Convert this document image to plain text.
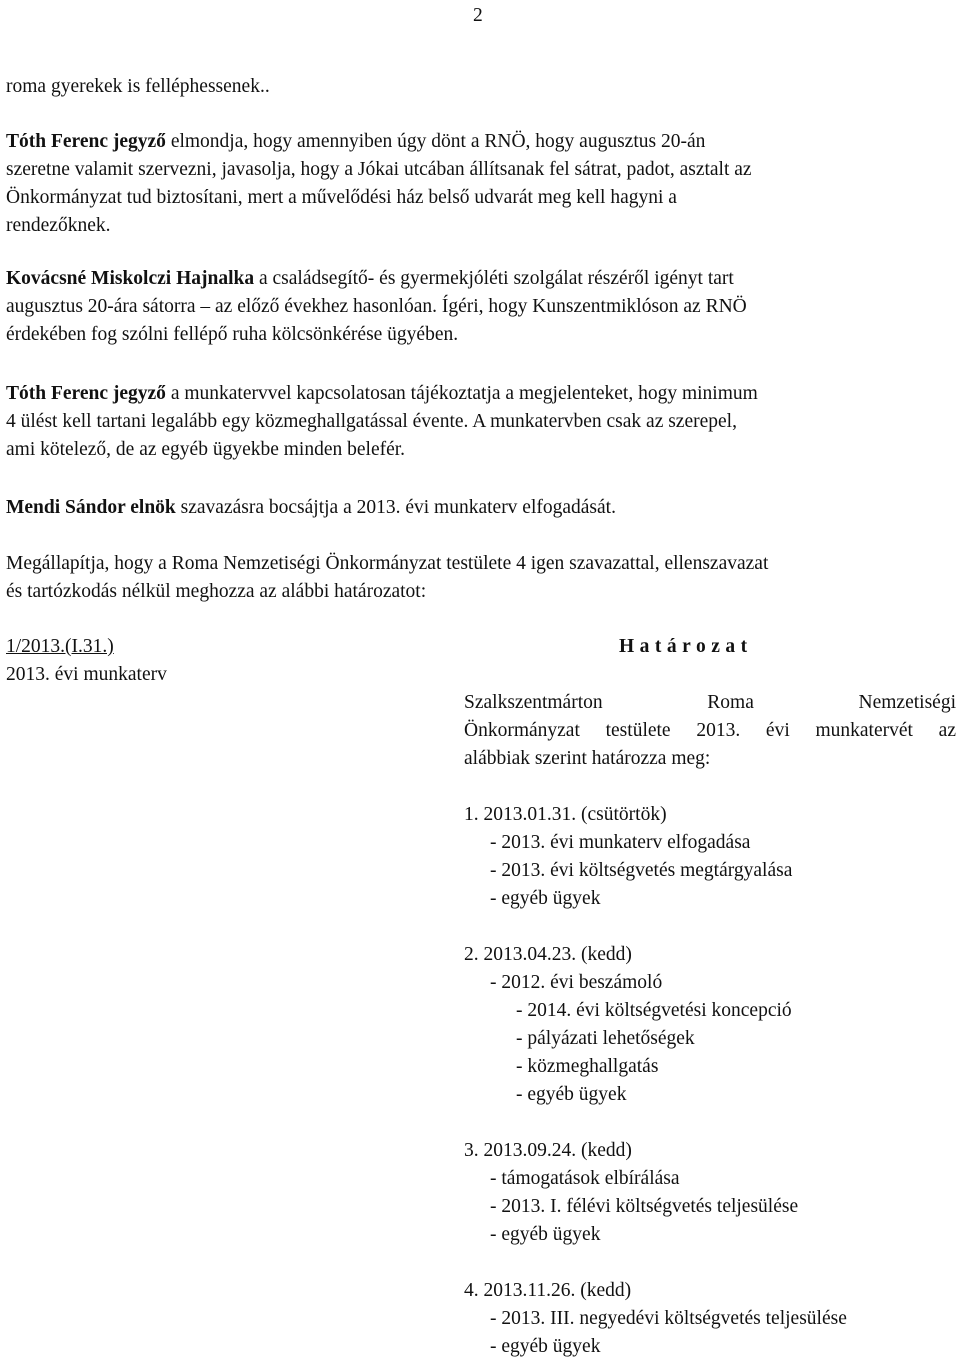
2
roma gyerekek is felléphessenek..
Tóth Ferenc jegyző elmondja, hogy amennyiben úgy dönt a RNÖ, hogy augusztus 20-án
szeretne valamit szervezni, javasolja, hogy a Jókai utcában állítsanak fel sátrat, padot, asztalt az
Önkormányzat tud biztosítani, mert a művelődési ház belső udvarát meg kell hagyni a
rendezőknek.
Kovácsné Miskolczi Hajnalka a családsegítő- és gyermekjóléti szolgálat részéről igényt tart
augusztus 20-ára sátorra – az előző évekhez hasonlóan. Ígéri, hogy Kunszentmiklóson az RNÖ
érdekében fog szólni fellépő ruha kölcsönkérése ügyében.
Tóth Ferenc jegyző a munkatervvel kapcsolatosan tájékoztatja a megjelenteket, hogy minimum
4 ülést kell tartani legalább egy közmeghallgatással évente. A munkatervben csak az szerepel,
ami kötelező, de az egyéb ügyekbe minden belefér.
Mendi Sándor elnök szavazásra bocsájtja a 2013. évi munkaterv elfogadását.
Megállapítja, hogy a Roma Nemzetiségi Önkormányzat testülete 4 igen szavazattal, ellenszavazat
és tartózkodás nélkül meghozza az alábbi határozatot:
1/2013.(I.31.)
2013. évi munkaterv
Határozat
Szalkszentmárton Roma Nemzetiségi
Önkormányzat testülete 2013. évi munkatervét az
alábbiak szerint határozza meg:
1. 2013.01.31. (csütörtök)
- 2013. évi munkaterv elfogadása
- 2013. évi költségvetés megtárgyalása
- egyéb ügyek
2. 2013.04.23. (kedd)
- 2012. évi beszámoló
- 2014. évi költségvetési koncepció
- pályázati lehetőségek
- közmeghallgatás
- egyéb ügyek
3. 2013.09.24. (kedd)
- támogatások elbírálása
- 2013. I. félévi költségvetés teljesülése
- egyéb ügyek
4. 2013.11.26. (kedd)
- 2013. III. negyedévi költségvetés teljesülése
- egyéb ügyek
